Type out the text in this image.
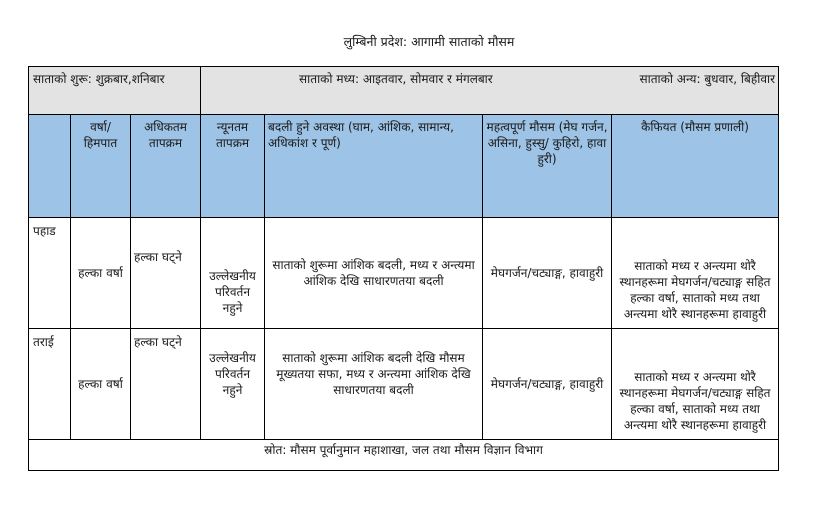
लुम्बिनी प्रदेश: आगामी साताको मौसम
साताको शुरू: शुक्रबार,शनिबार			साताको मध्य: आइतवार, सोमवार र मंगलबार साताको अन्य: बुधवार, बिहीवार			

	वर्षा/ हिमपात	अधिकतम तापक्रम	न्यूनतम तापक्रम	बदली हुने अवस्था (घाम, आंशिक, सामान्य, अधिकांश र पूर्ण)	महत्वपूर्ण मौसम (मेघ गर्जन, असिना, हुस्सु/ कुहिरो, हावा हुरी)	कैफियत (मौसम प्रणाली)
पहाड	हल्का वर्षा	हल्का घट्ने	उल्लेखनीय परिवर्तन नहुने	साताको शुरूमा आंशिक बदली, मध्य र अन्त्यमा आंशिक देखि साधारणतया बदली	मेघगर्जन/चट्याङ्ग, हावाहुरी	साताको मध्य र अन्त्यमा थोरै स्थानहरूमा मेघगर्जन/चट्याङ्ग सहित हल्का वर्षा, साताको मध्य तथा अन्त्यमा थोरै स्थानहरूमा हावाहुरी
तराई	हल्का वर्षा	हल्का घट्ने	उल्लेखनीय परिवर्तन नहुने	साताको शुरूमा आंशिक बदली देखि मौसम मूख्यतया सफा, मध्य र अन्त्यमा आंशिक देखि साधारणतया बदली	मेघगर्जन/चट्याङ्ग, हावाहुरी	साताको मध्य र अन्त्यमा थोरै स्थानहरूमा मेघगर्जन/चट्याङ्ग सहित हल्का वर्षा, साताको मध्य तथा अन्त्यमा थोरै स्थानहरूमा हावाहुरी
स्रोत: मौसम पूर्वानुमान महाशाखा, जल तथा मौसम विज्ञान विभाग						
